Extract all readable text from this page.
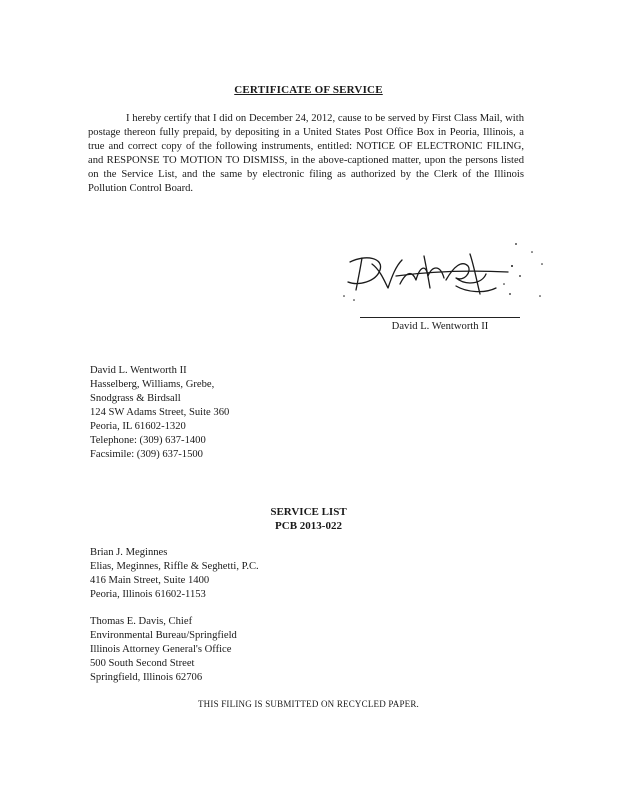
CERTIFICATE OF SERVICE
I hereby certify that I did on December 24, 2012, cause to be served by First Class Mail, with postage thereon fully prepaid, by depositing in a United States Post Office Box in Peoria, Illinois, a true and correct copy of the following instruments, entitled: NOTICE OF ELECTRONIC FILING, and RESPONSE TO MOTION TO DISMISS, in the above-captioned matter, upon the persons listed on the Service List, and the same by electronic filing as authorized by the Clerk of the Illinois Pollution Control Board.
David L. Wentworth II
David L. Wentworth II
Hasselberg, Williams, Grebe,
Snodgrass & Birdsall
124 SW Adams Street, Suite 360
Peoria, IL 61602-1320
Telephone: (309) 637-1400
Facsimile: (309) 637-1500
SERVICE LIST
PCB 2013-022
Brian J. Meginnes
Elias, Meginnes, Riffle & Seghetti, P.C.
416 Main Street, Suite 1400
Peoria, Illinois 61602-1153
Thomas E. Davis, Chief
Environmental Bureau/Springfield
Illinois Attorney General's Office
500 South Second Street
Springfield, Illinois 62706
THIS FILING IS SUBMITTED ON RECYCLED PAPER.
